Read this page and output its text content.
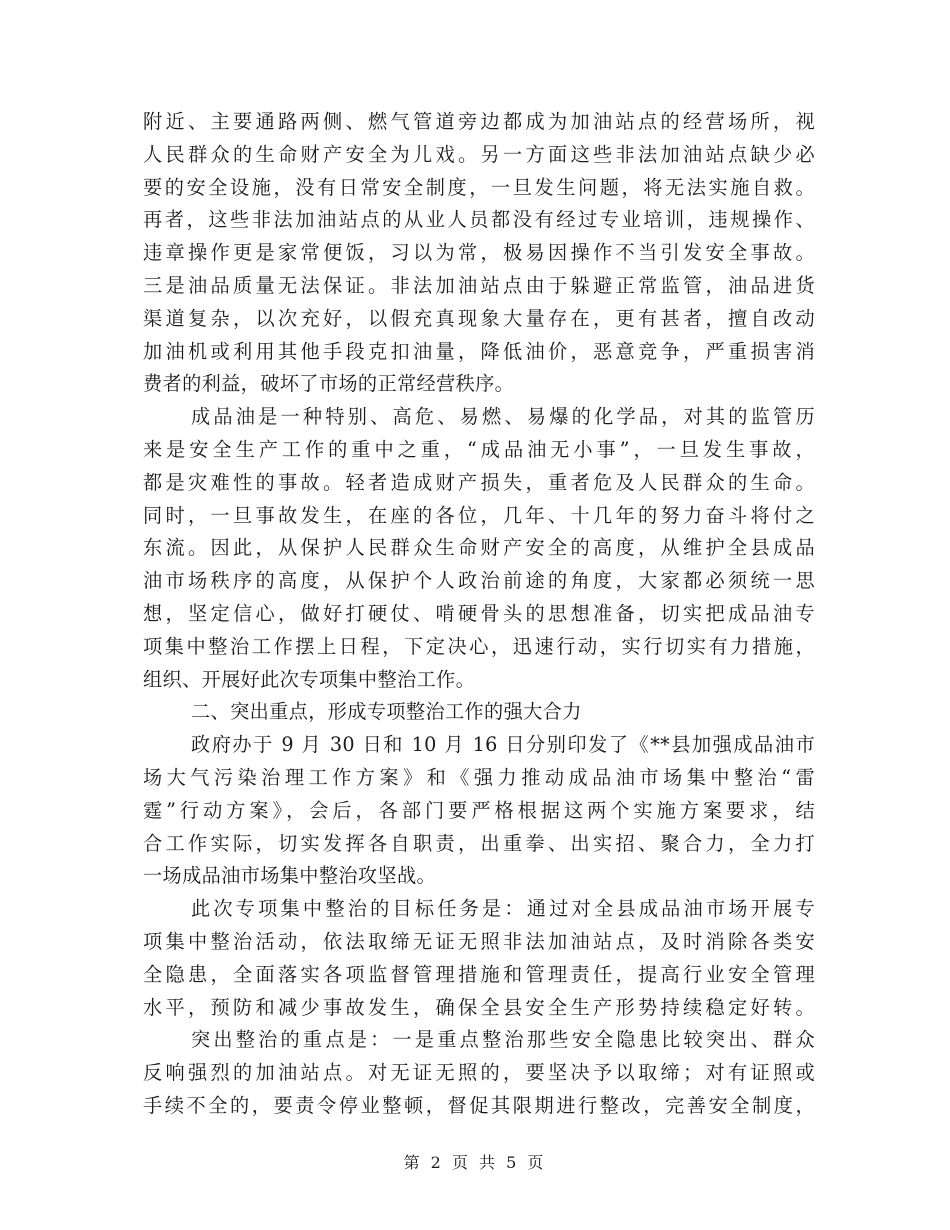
附近、主要通路两侧、燃气管道旁边都成为加油站点的经营场所，视
人民群众的生命财产安全为儿戏。另一方面这些非法加油站点缺少必
要的安全设施，没有日常安全制度，一旦发生问题，将无法实施自救。
再者，这些非法加油站点的从业人员都没有经过专业培训，违规操作、
违章操作更是家常便饭，习以为常，极易因操作不当引发安全事故。
三是油品质量无法保证。非法加油站点由于躲避正常监管，油品进货
渠道复杂，以次充好，以假充真现象大量存在，更有甚者，擅自改动
加油机或利用其他手段克扣油量，降低油价，恶意竞争，严重损害消
费者的利益，破坏了市场的正常经营秩序。
成品油是一种特别、高危、易燃、易爆的化学品，对其的监管历
来是安全生产工作的重中之重，“成品油无小事”，一旦发生事故，
都是灾难性的事故。轻者造成财产损失，重者危及人民群众的生命。
同时，一旦事故发生，在座的各位，几年、十几年的努力奋斗将付之
东流。因此，从保护人民群众生命财产安全的高度，从维护全县成品
油市场秩序的高度，从保护个人政治前途的角度，大家都必须统一思
想，坚定信心，做好打硬仗、啃硬骨头的思想准备，切实把成品油专
项集中整治工作摆上日程，下定决心，迅速行动，实行切实有力措施，
组织、开展好此次专项集中整治工作。
二、突出重点，形成专项整治工作的强大合力
政府办于 9 月 30 日和 10 月 16 日分别印发了《**县加强成品油市
场大气污染治理工作方案》和《强力推动成品油市场集中整治“雷
霆”行动方案》，会后，各部门要严格根据这两个实施方案要求，结
合工作实际，切实发挥各自职责，出重拳、出实招、聚合力，全力打
一场成品油市场集中整治攻坚战。
此次专项集中整治的目标任务是：通过对全县成品油市场开展专
项集中整治活动，依法取缔无证无照非法加油站点，及时消除各类安
全隐患，全面落实各项监督管理措施和管理责任，提高行业安全管理
水平，预防和减少事故发生，确保全县安全生产形势持续稳定好转。
突出整治的重点是：一是重点整治那些安全隐患比较突出、群众
反响强烈的加油站点。对无证无照的，要坚决予以取缔；对有证照或
手续不全的，要责令停业整顿，督促其限期进行整改，完善安全制度，
第 2 页 共 5 页
